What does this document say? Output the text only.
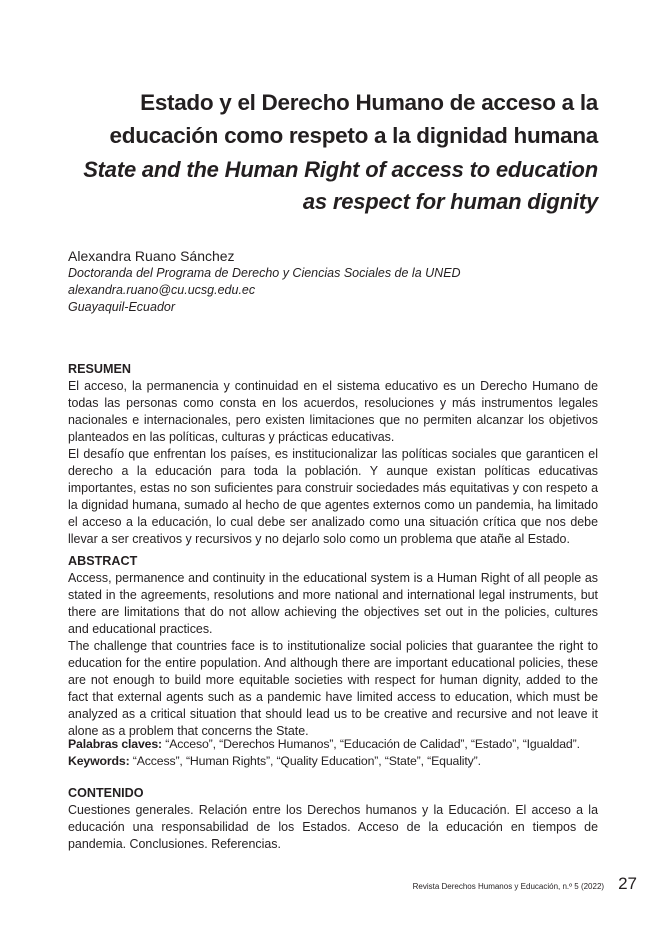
Estado y el Derecho Humano de acceso a la
educación como respeto a la dignidad humana
State and the Human Right of access to education
as respect for human dignity
Alexandra Ruano Sánchez
Doctoranda del Programa de Derecho y Ciencias Sociales de la UNED
alexandra.ruano@cu.ucsg.edu.ec
Guayaquil-Ecuador
RESUMEN

El acceso, la permanencia y continuidad en el sistema educativo es un Derecho Humano de todas las personas como consta en los acuerdos, resoluciones y más instrumentos legales nacionales e internacionales, pero existen limitaciones que no permiten alcanzar los objetivos planteados en las políticas, culturas y prácticas educativas.

El desafío que enfrentan los países, es institucionalizar las políticas sociales que garanticen el derecho a la educación para toda la población. Y aunque existan políticas educativas importantes, estas no son suficientes para construir sociedades más equitativas y con respeto a la dignidad humana, sumado al hecho de que agentes externos como un pandemia, ha limitado el acceso a la educación, lo cual debe ser analizado como una situación crítica que nos debe llevar a ser creativos y recursivos y no dejarlo solo como un problema que atañe al Estado.

ABSTRACT

Access, permanence and continuity in the educational system is a Human Right of all people as stated in the agreements, resolutions and more national and international legal instruments, but there are limitations that do not allow achieving the objectives set out in the policies, cultures and educational practices.

The challenge that countries face is to institutionalize social policies that guarantee the right to education for the entire population. And although there are important educational policies, these are not enough to build more equitable societies with respect for human dignity, added to the fact that external agents such as a pandemic have limited access to education, which must be analyzed as a critical situation that should lead us to be creative and recursive and not leave it alone as a problem that concerns the State.

Palabras claves: “Acceso”, “Derechos Humanos”, “Educación de Calidad”, “Estado”, “Igualdad”.

Keywords: “Access”, “Human Rights”, “Quality Education”, “State”, “Equality”.

CONTENIDO

Cuestiones generales. Relación entre los Derechos humanos y la Educación. El acceso a la educación una responsabilidad de los Estados. Acceso de la educación en tiempos de pandemia. Conclusiones. Referencias.

Revista Derechos Humanos y Educación, n.º 5 (2022) 27
